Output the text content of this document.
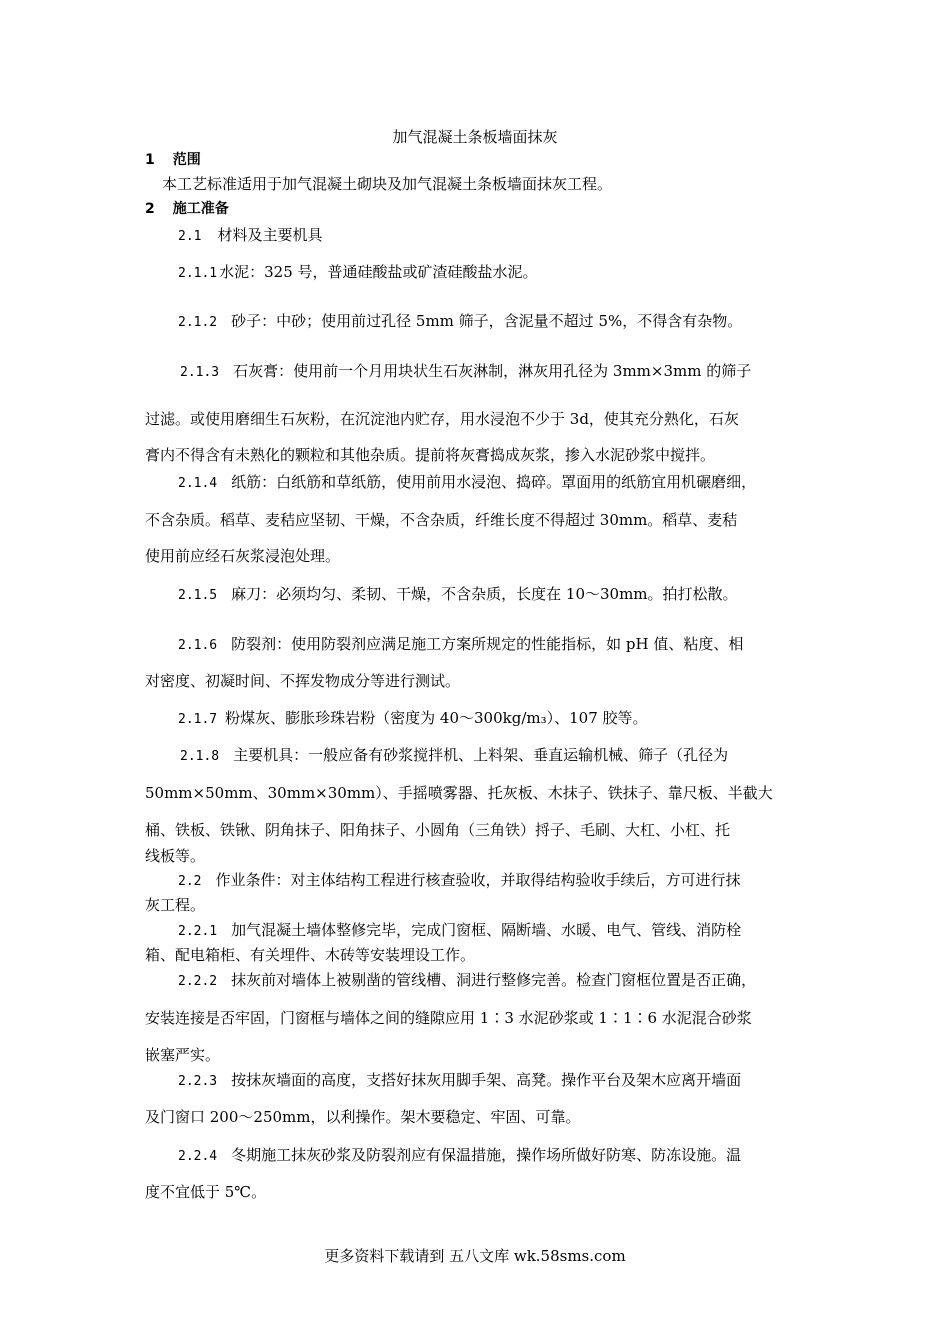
加气混凝土条板墙面抹灰
1 范围
本工艺标准适用于加气混凝土砌块及加气混凝土条板墙面抹灰工程。
2 施工准备
2.1 材料及主要机具
2.1.1 水泥：325 号，普通硅酸盐或矿渣硅酸盐水泥。
2.1.2 砂子：中砂；使用前过孔径 5mm 筛子，含泥量不超过 5%，不得含有杂物。
2.1.3 石灰膏：使用前一个月用块状生石灰淋制，淋灰用孔径为 3mm×3mm 的筛子
过滤。或使用磨细生石灰粉，在沉淀池内贮存，用水浸泡不少于 3d，使其充分熟化，石灰
膏内不得含有未熟化的颗粒和其他杂质。提前将灰膏捣成灰浆，掺入水泥砂浆中搅拌。
2.1.4 纸筋：白纸筋和草纸筋，使用前用水浸泡、捣碎。罩面用的纸筋宜用机碾磨细，
不含杂质。稻草、麦秸应坚韧、干燥，不含杂质，纤维长度不得超过 30mm。稻草、麦秸
使用前应经石灰浆浸泡处理。
2.1.5 麻刀：必须均匀、柔韧、干燥，不含杂质，长度在 10～30mm。拍打松散。
2.1.6 防裂剂：使用防裂剂应满足施工方案所规定的性能指标，如 pH 值、粘度、相
对密度、初凝时间、不挥发物成分等进行测试。
2.1.7 粉煤灰、膨胀珍珠岩粉（密度为 40～300kg/m₃）、107 胶等。
2.1.8 主要机具：一般应备有砂浆搅拌机、上料架、垂直运输机械、筛子（孔径为
50mm×50mm、30mm×30mm）、手摇喷雾器、托灰板、木抹子、铁抹子、靠尺板、半截大
桶、铁板、铁锹、阴角抹子、阳角抹子、小圆角（三角铁）捋子、毛刷、大杠、小杠、托
线板等。
2.2 作业条件：对主体结构工程进行核查验收，并取得结构验收手续后，方可进行抹
灰工程。
2.2.1 加气混凝土墙体整修完毕，完成门窗框、隔断墙、水暖、电气、管线、消防栓
箱、配电箱柜、有关埋件、木砖等安装埋设工作。
2.2.2 抹灰前对墙体上被剔凿的管线槽、洞进行整修完善。检查门窗框位置是否正确，
安装连接是否牢固，门窗框与墙体之间的缝隙应用 1∶3 水泥砂浆或 1∶1∶6 水泥混合砂浆
嵌塞严实。
2.2.3 按抹灰墙面的高度，支搭好抹灰用脚手架、高凳。操作平台及架木应离开墙面
及门窗口 200～250mm，以利操作。架木要稳定、牢固、可靠。
2.2.4 冬期施工抹灰砂浆及防裂剂应有保温措施，操作场所做好防寒、防冻设施。温
度不宜低于 5℃。
更多资料下载请到 五八文库 wk.58sms.com
